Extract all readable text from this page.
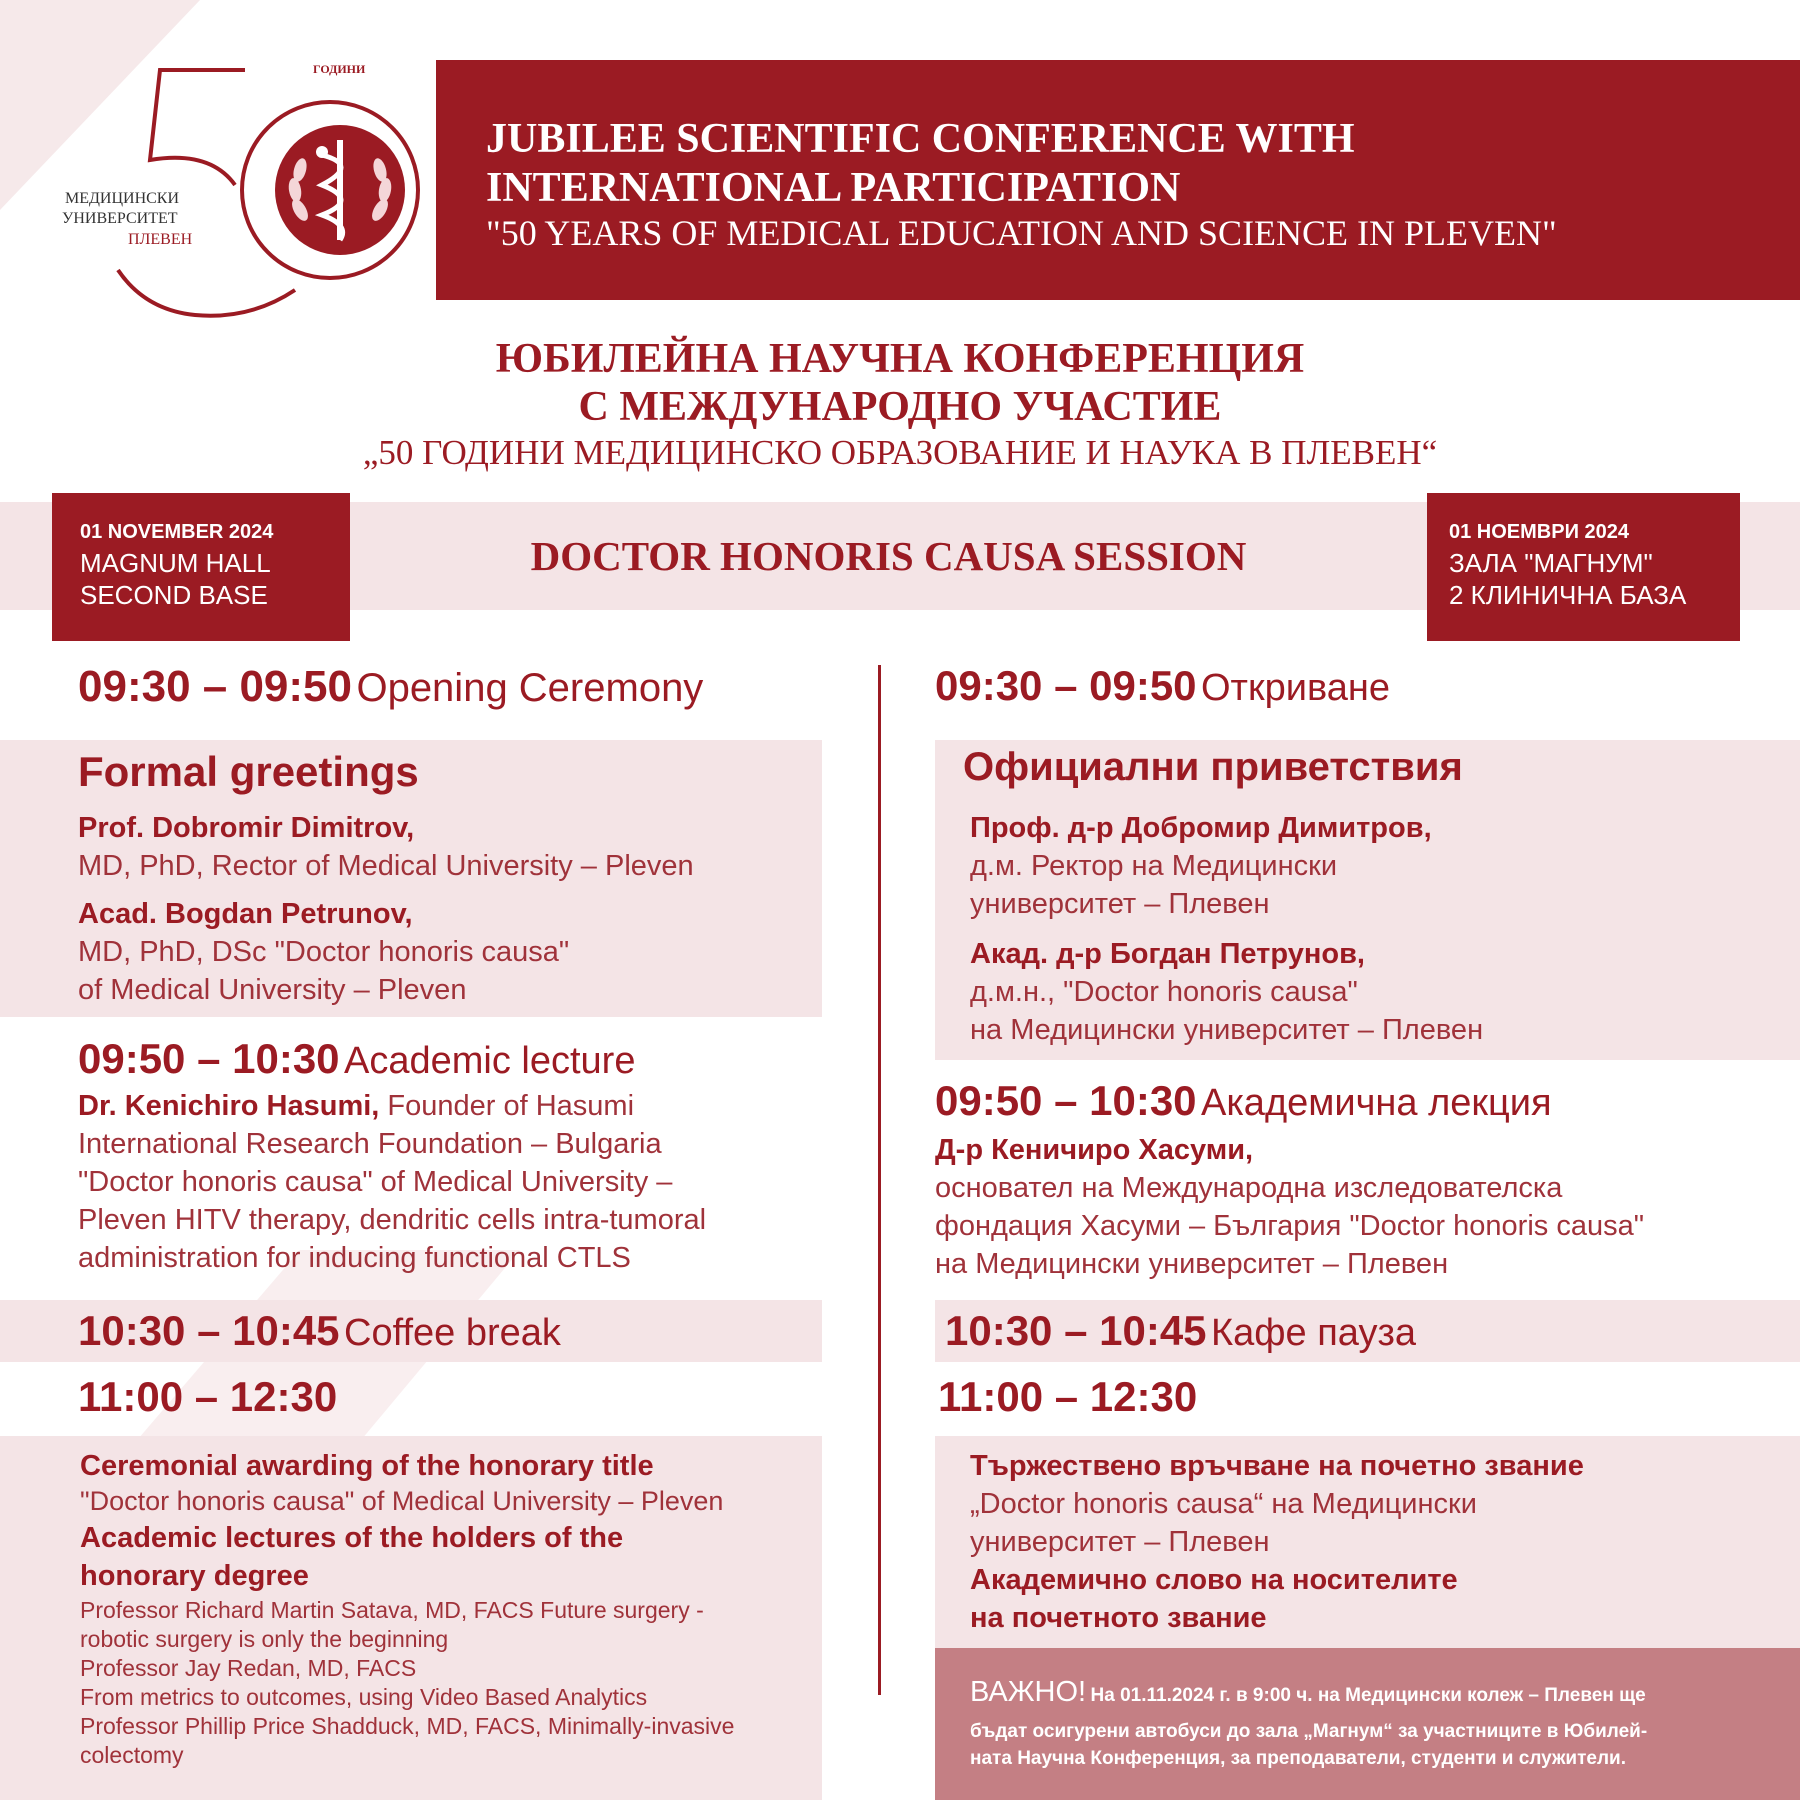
ГОДИНИ
МЕДИЦИНСКИ
УНИВЕРСИТЕТ
ПЛЕВЕН
JUBILEE SCIENTIFIC CONFERENCE WITH
INTERNATIONAL PARTICIPATION
"50 YEARS OF MEDICAL EDUCATION AND SCIENCE IN PLEVEN"
ЮБИЛЕЙНА НАУЧНА КОНФЕРЕНЦИЯ
С МЕЖДУНАРОДНО УЧАСТИЕ
„50 ГОДИНИ МЕДИЦИНСКО ОБРАЗОВАНИЕ И НАУКА В ПЛЕВЕН“
01 NOVEMBER 2024
MAGNUM HALL
SECOND BASE
DOCTOR HONORIS CAUSA SESSION
01 НОЕМВРИ 2024
ЗАЛА "МАГНУМ"
2 КЛИНИЧНА БАЗА
09:30 – 09:50 Opening Ceremony
Formal greetings
Prof. Dobromir Dimitrov,
MD, PhD, Rector of Medical University – Pleven
Acad. Bogdan Petrunov,
MD, PhD, DSc "Doctor honoris causa"
of Medical University – Pleven
09:50 – 10:30 Academic lecture
Dr. Kenichiro Hasumi, Founder of Hasumi
International Research Foundation – Bulgaria
"Doctor honoris causa" of Medical University –
Pleven HITV therapy, dendritic cells intra-tumoral
administration for inducing functional CTLS
10:30 – 10:45 Coffee break
11:00 – 12:30
Ceremonial awarding of the honorary title
"Doctor honoris causa" of Medical University – Pleven
Academic lectures of the holders of the
honorary degree
Professor Richard Martin Satava, MD, FACS Future surgery -
robotic surgery is only the beginning
Professor Jay Redan, MD, FACS
From metrics to outcomes, using Video Based Analytics
Professor Phillip Price Shadduck, MD, FACS, Minimally-invasive
colectomy
09:30 – 09:50 Откриване
Официални приветствия
Проф. д-р Добромир Димитров,
д.м. Ректор на Медицински
университет – Плевен
Акад. д-р Богдан Петрунов,
д.м.н., "Doctor honoris causa"
на Медицински университет – Плевен
09:50 – 10:30 Академична лекция
Д-р Кеничиро Хасуми,
основател на Международна изследователска
фондация Хасуми – България "Doctor honoris causa"
на Медицински университет – Плевен
10:30 – 10:45 Кафе пауза
11:00 – 12:30
Тържествено връчване на почетно звание
„Doctor honoris causa“ на Медицински
университет – Плевен
Академично слово на носителите
на почетното звание
ВАЖНО! На 01.11.2024 г. в 9:00 ч. на Медицински колеж – Плевен ще
бъдат осигурени автобуси до зала „Магнум“ за участниците в Юбилей-
ната Научна Конференция, за преподаватели, студенти и служители.
